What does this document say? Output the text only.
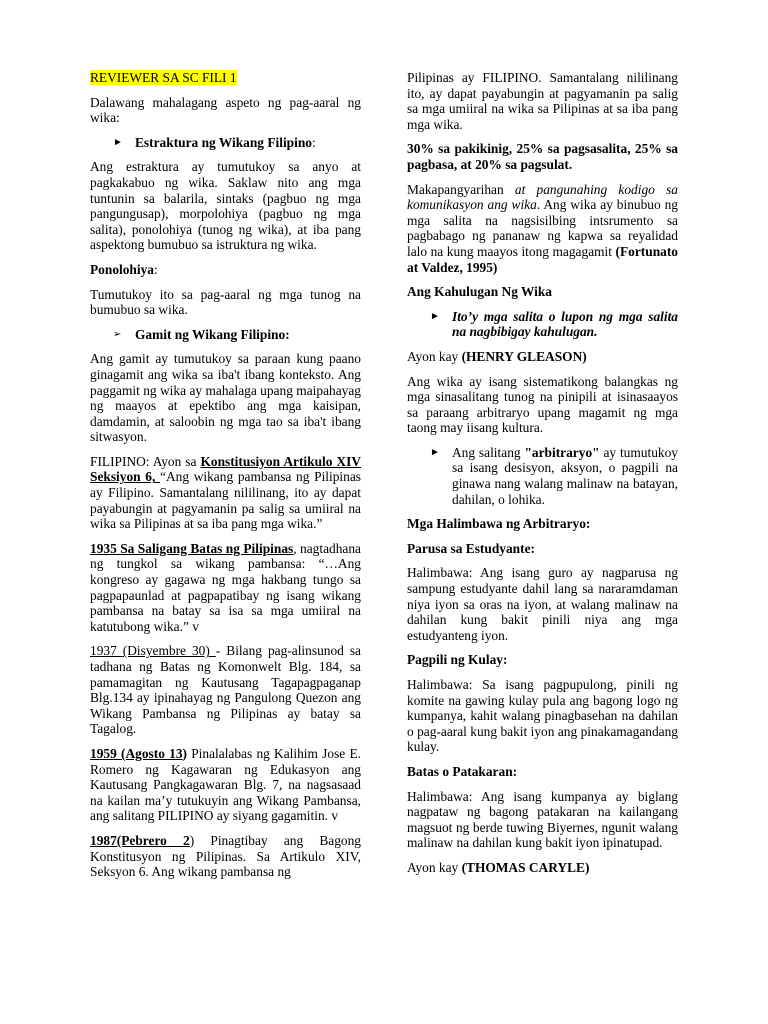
REVIEWER SA SC FILI 1

Dalawang mahalagang aspeto ng pag-aaral ng wika:

► Estraktura ng Wikang Filipino:

Ang estraktura ay tumutukoy sa anyo at pagkakabuo ng wika. Saklaw nito ang mga tuntunin sa balarila, sintaks (pagbuo ng mga pangungusap), morpolohiya (pagbuo ng mga salita), ponolohiya (tunog ng wika), at iba pang aspektong bumubuo sa istruktura ng wika.

Ponolohiya:

Tumutukoy ito sa pag-aaral ng mga tunog na bumubuo sa wika.

➢ Gamit ng Wikang Filipino:

Ang gamit ay tumutukoy sa paraan kung paano ginagamit ang wika sa iba't ibang konteksto. Ang paggamit ng wika ay mahalaga upang maipahayag ng maayos at epektibo ang mga kaisipan, damdamin, at saloobin ng mga tao sa iba't ibang sitwasyon.

FILIPINO: Ayon sa Konstitusiyon Artikulo XIV Seksiyon 6, “Ang wikang pambansa ng Pilipinas ay Filipino. Samantalang nililinang, ito ay dapat payabungin at pagyamanin pa salig sa umiiral na wika sa Pilipinas at sa iba pang mga wika.”

1935 Sa Saligang Batas ng Pilipinas, nagtadhana ng tungkol sa wikang pambansa: “…Ang kongreso ay gagawa ng mga hakbang tungo sa pagpapaunlad at pagpapatibay ng isang wikang pambansa na batay sa isa sa mga umiiral na katutubong wika.” v

1937 (Disyembre 30) - Bilang pag-alinsunod sa tadhana ng Batas ng Komonwelt Blg. 184, sa pamamagitan ng Kautusang Tagapagpaganap Blg.134 ay ipinahayag ng Pangulong Quezon ang Wikang Pambansa ng Pilipinas ay batay sa Tagalog.

1959 (Agosto 13) Pinalalabas ng Kalihim Jose E. Romero ng Kagawaran ng Edukasyon ang Kautusang Pangkagawaran Blg. 7, na nagsasaad na kailan ma’y tutukuyin ang Wikang Pambansa, ang salitang PILIPINO ay siyang gagamitin. v

1987(Pebrero 2) Pinagtibay ang Bagong Konstitusyon ng Pilipinas. Sa Artikulo XIV, Seksyon 6. Ang wikang pambansa ng

Pilipinas ay FILIPINO. Samantalang nililinang ito, ay dapat payabungin at pagyamanin pa salig sa mga umiiral na wika sa Pilipinas at sa iba pang mga wika.

30% sa pakikinig, 25% sa pagsasalita, 25% sa pagbasa, at 20% sa pagsulat.

Makapangyarihan at pangunahing kodigo sa komunikasyon ang wika. Ang wika ay binubuo ng mga salita na nagsisilbing intsrumento sa pagbabago ng pananaw ng kapwa sa reyalidad lalo na kung maayos itong magagamit (Fortunato at Valdez, 1995)

Ang Kahulugan Ng Wika

► Ito’y mga salita o lupon ng mga salita na nagbibigay kahulugan.

Ayon kay (HENRY GLEASON)

Ang wika ay isang sistematikong balangkas ng mga sinasalitang tunog na pinipili at isinasaayos sa paraang arbitraryo upang magamit ng mga taong may iisang kultura.

► Ang salitang "arbitraryo" ay tumutukoy sa isang desisyon, aksyon, o pagpili na ginawa nang walang malinaw na batayan, dahilan, o lohika.

Mga Halimbawa ng Arbitraryo:

Parusa sa Estudyante:

Halimbawa: Ang isang guro ay nagparusa ng sampung estudyante dahil lang sa nararamdaman niya iyon sa oras na iyon, at walang malinaw na dahilan kung bakit pinili niya ang mga estudyanteng iyon.

Pagpili ng Kulay:

Halimbawa: Sa isang pagpupulong, pinili ng komite na gawing kulay pula ang bagong logo ng kumpanya, kahit walang pinagbasehan na dahilan o pag-aaral kung bakit iyon ang pinakamagandang kulay.

Batas o Patakaran:

Halimbawa: Ang isang kumpanya ay biglang nagpataw ng bagong patakaran na kailangang magsuot ng berde tuwing Biyernes, ngunit walang malinaw na dahilan kung bakit iyon ipinatupad.

Ayon kay (THOMAS CARYLE)
